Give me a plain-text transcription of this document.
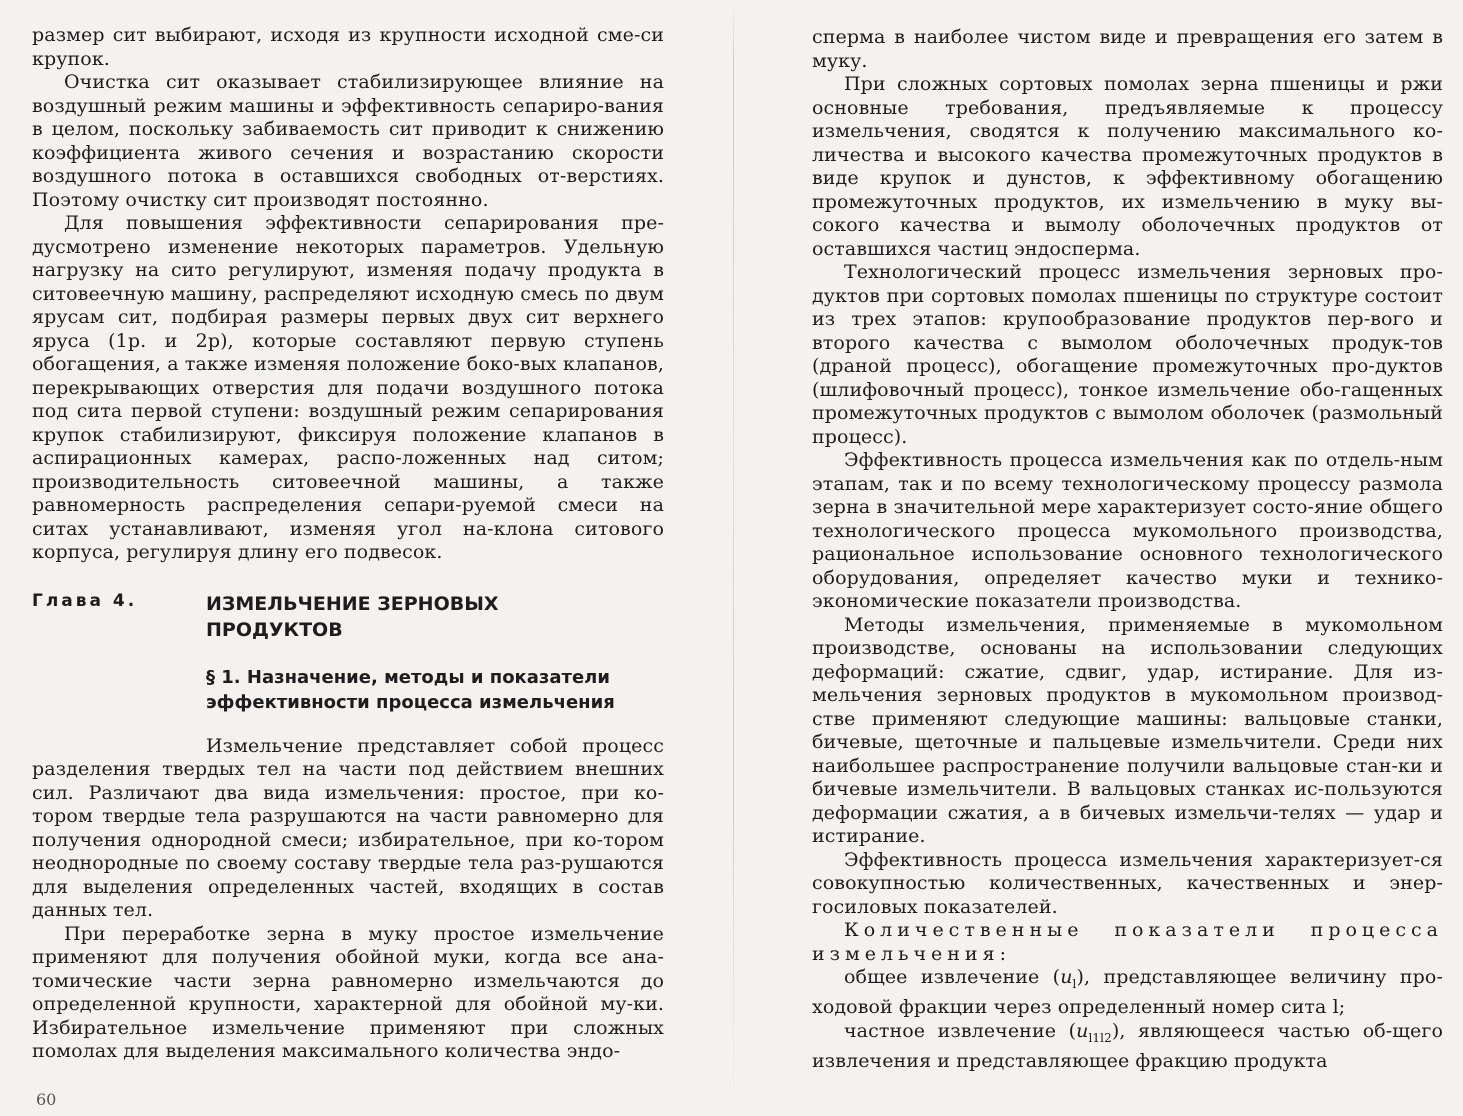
размер сит выбирают, исходя из крупности исходной сме-си крупок.

Очистка сит оказывает стабилизирующее влияние на воздушный режим машины и эффективность сепариро-вания в целом, поскольку забиваемость сит приводит к снижению коэффициента живого сечения и возрастанию скорости воздушного потока в оставшихся свободных от-верстиях. Поэтому очистку сит производят постоянно.

Для повышения эффективности сепарирования пре-дусмотрено изменение некоторых параметров. Удельную нагрузку на сито регулируют, изменяя подачу продукта в ситовеечную машину, распределяют исходную смесь по двум ярусам сит, подбирая размеры первых двух сит верхнего яруса (1р. и 2р), которые составляют первую ступень обогащения, а также изменяя положение боко-вых клапанов, перекрывающих отверстия для подачи воздушного потока под сита первой ступени: воздушный режим сепарирования крупок стабилизируют, фиксируя положение клапанов в аспирационных камерах, распо-ложенных над ситом; производительность ситовеечной машины, а также равномерность распределения сепари-руемой смеси на ситах устанавливают, изменяя угол на-клона ситового корпуса, регулируя длину его подвесок.

Глава 4.	ИЗМЕЛЬЧЕНИЕ ЗЕРНОВЫХ ПРОДУКТОВ
§ 1. Назначение, методы и показатели эффективности процесса измельчения

Измельчение представляет собой процесс разделения твердых тел на части под действием внешних сил. Различают два вида измельчения: простое, при ко-тором твердые тела разрушаются на части равномерно для получения однородной смеси; избирательное, при ко-тором неоднородные по своему составу твердые тела раз-рушаются для выделения определенных частей, входящих в состав данных тел.

При переработке зерна в муку простое измельчение применяют для получения обойной муки, когда все ана-томические части зерна равномерно измельчаются до определенной крупности, характерной для обойной му-ки. Избирательное измельчение применяют при сложных помолах для выделения максимального количества эндо-

60

сперма в наиболее чистом виде и превращения его затем в муку.

При сложных сортовых помолах зерна пшеницы и ржи основные требования, предъявляемые к процессу измельчения, сводятся к получению максимального ко-личества и высокого качества промежуточных продуктов в виде крупок и дунстов, к эффективному обогащению промежуточных продуктов, их измельчению в муку вы-сокого качества и вымолу оболочечных продуктов от оставшихся частиц эндосперма.

Технологический процесс измельчения зерновых про-дуктов при сортовых помолах пшеницы по структуре состоит из трех этапов: крупообразование продуктов пер-вого и второго качества с вымолом оболочечных продук-тов (драной процесс), обогащение промежуточных про-дуктов (шлифовочный процесс), тонкое измельчение обо-гащенных промежуточных продуктов с вымолом оболочек (размольный процесс).

Эффективность процесса измельчения как по отдель-ным этапам, так и по всему технологическому процессу размола зерна в значительной мере характеризует состо-яние общего технологического процесса мукомольного производства, рациональное использование основного технологического оборудования, определяет качество муки и технико-экономические показатели производства.

Методы измельчения, применяемые в мукомольном производстве, основаны на использовании следующих деформаций: сжатие, сдвиг, удар, истирание. Для из-мельчения зерновых продуктов в мукомольном производ-стве применяют следующие машины: вальцовые станки, бичевые, щеточные и пальцевые измельчители. Среди них наибольшее распространение получили вальцовые стан-ки и бичевые измельчители. В вальцовых станках ис-пользуются деформации сжатия, а в бичевых измельчи-телях — удар и истирание.

Эффективность процесса измельчения характеризует-ся совокупностью количественных, качественных и энер-госиловых показателей.

Количественные показатели процесса измельчения:

общее извлечение $(u_l)$, представляющее величину про-ходовой фракции через определенный номер сита l;

частное извлечение $(u_{l1l2})$, являющееся частью об-щего извлечения и представляющее фракцию продукта
